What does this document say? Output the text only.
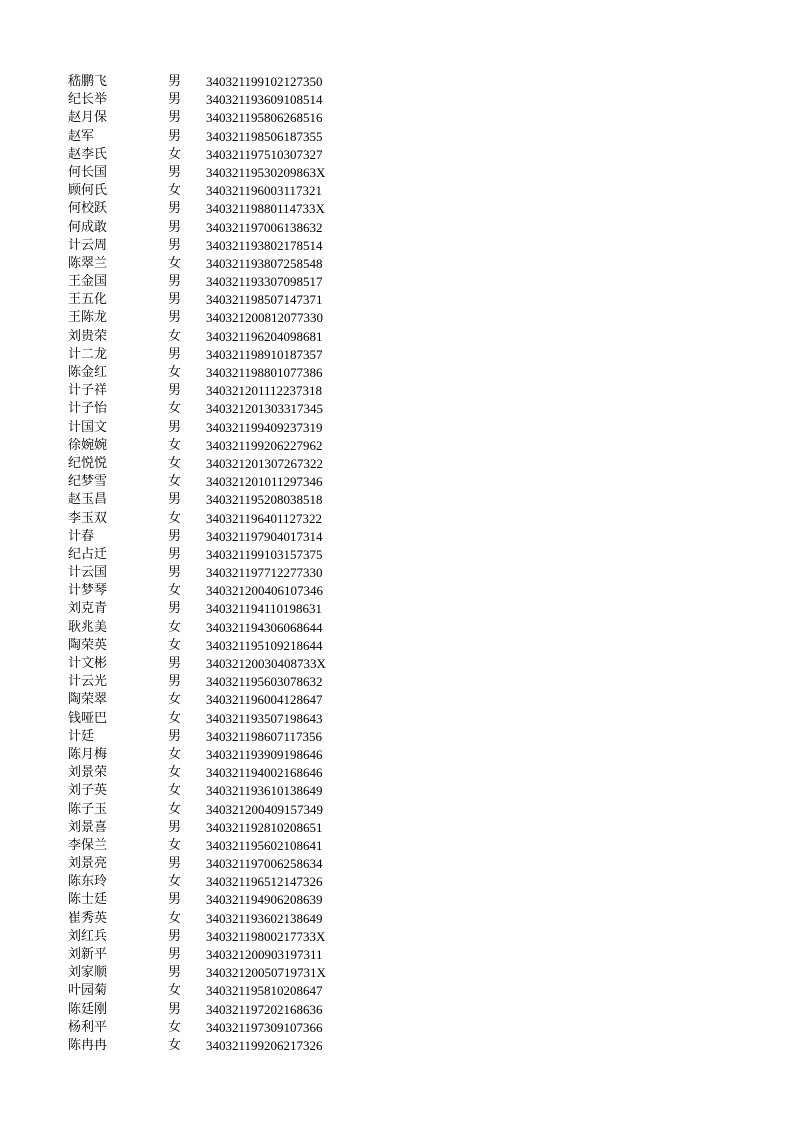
嵇鹏飞	男 340321199102127350
纪长举	男 340321193609108514
赵月保	男 340321195806268516
赵军	男 340321198506187355
赵李氏	女 340321197510307327
何长国	男 34032119530209863X
顾何氏	女 340321196003117321
何校跃	男 34032119880114733X
何成敢	男 340321197006138632
计云周	男 340321193802178514
陈翠兰	女 340321193807258548
王金国	男 340321193307098517
王五化	男 340321198507147371
王陈龙	男 340321200812077330
刘贵荣	女 340321196204098681
计二龙	男 340321198910187357
陈金红	女 340321198801077386
计子祥	男 340321201112237318
计子怡	女 340321201303317345
计国文	男 340321199409237319
徐婉婉	女 340321199206227962
纪悦悦	女 340321201307267322
纪梦雪	女 340321201011297346
赵玉昌	男 340321195208038518
李玉双	女 340321196401127322
计春	男 340321197904017314
纪占迁	男 340321199103157375
计云国	男 340321197712277330
计梦琴	女 340321200406107346
刘克青	男 340321194110198631
耿兆美	女 340321194306068644
陶荣英	女 340321195109218644
计文彬	男 34032120030408733X
计云光	男 340321195603078632
陶荣翠	女 340321196004128647
钱哑巴	女 340321193507198643
计廷	男 340321198607117356
陈月梅	女 340321193909198646
刘景荣	女 340321194002168646
刘子英	女 340321193610138649
陈子玉	女 340321200409157349
刘景喜	男 340321192810208651
李保兰	女 340321195602108641
刘景亮	男 340321197006258634
陈东玲	女 340321196512147326
陈士廷	男 340321194906208639
崔秀英	女 340321193602138649
刘红兵	男 34032119800217733X
刘新平	男 340321200903197311
刘家顺	男 34032120050719731X
叶园菊	女 340321195810208647
陈廷刚	男 340321197202168636
杨利平	女 340321197309107366
陈冉冉	女 340321199206217326
